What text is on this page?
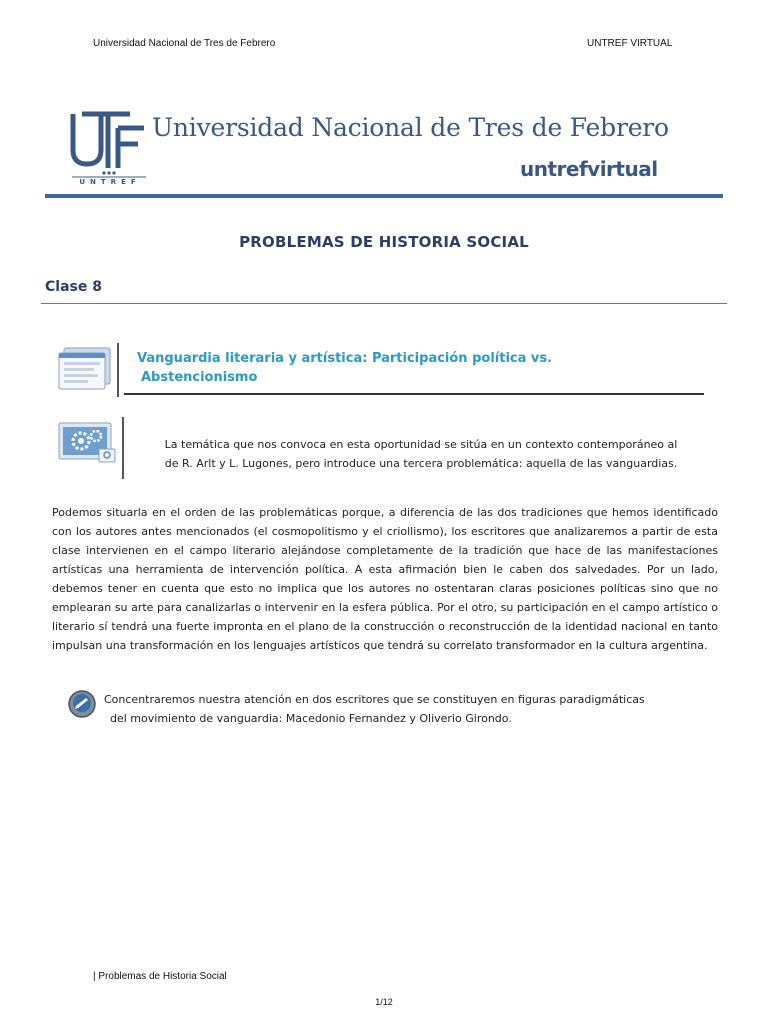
Universidad Nacional de Tres de Febrero	UNTREF VIRTUAL
UNTREF
Universidad Nacional de Tres de Febrero
untrefvirtual
PROBLEMAS DE HISTORIA SOCIAL
Clase 8
Vanguardia literaria y artística: Participación política vs.
Abstencionismo
La temática que nos convoca en esta oportunidad se sitúa en un contexto contemporáneo al
de R. Arlt y L. Lugones, pero introduce una tercera problemática: aquella de las vanguardias.

Podemos situarla en el orden de las problemáticas porque, a diferencia de las dos tradiciones que hemos identificado con los autores antes mencionados (el cosmopolitismo y el criollismo), los escritores que analizaremos a partir de esta clase intervienen en el campo literario alejándose completamente de la tradición que hace de las manifestaciones artísticas una herramienta de intervención política. A esta afirmación bien le caben dos salvedades. Por un lado, debemos tener en cuenta que esto no implica que los autores no ostentaran claras posiciones políticas sino que no emplearan su arte para canalizarlas o intervenir en la esfera pública. Por el otro, su participación en el campo artístico o literario sí tendrá una fuerte impronta en el plano de la construcción o reconstrucción de la identidad nacional en tanto impulsan una transformación en los lenguajes artísticos que tendrá su correlato transformador en la cultura argentina.

Concentraremos nuestra atención en dos escritores que se constituyen en figuras paradigmáticas
del movimiento de vanguardia: Macedonio Fernandez y Oliverio Girondo.
| Problemas de Historia Social
1/12
